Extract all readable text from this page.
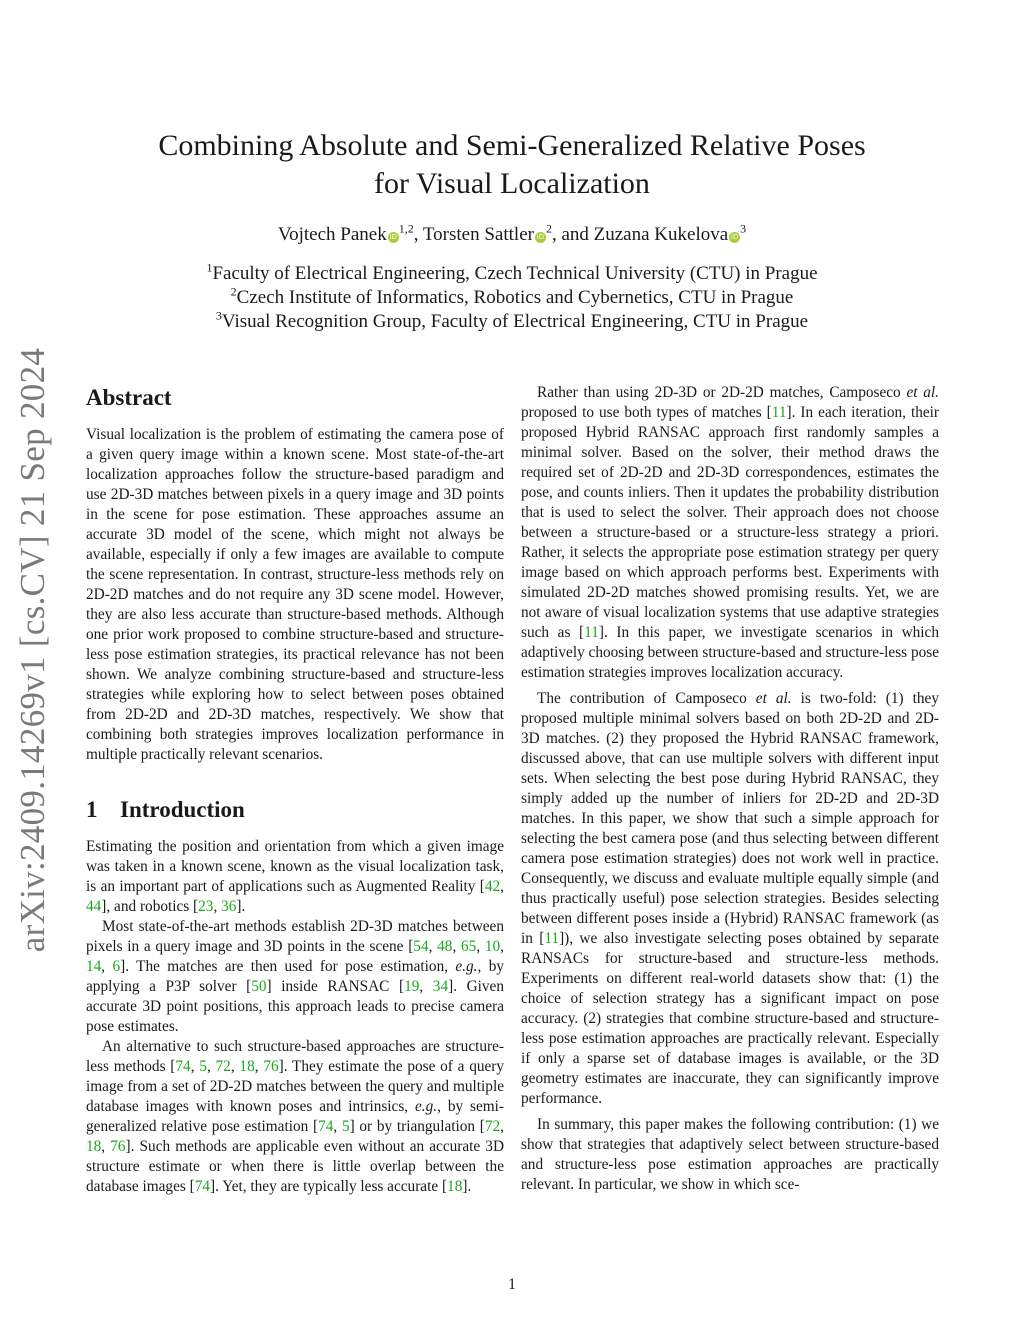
arXiv:2409.14269v1 [cs.CV] 21 Sep 2024
Combining Absolute and Semi-Generalized Relative Poses
for Visual Localization
Vojtech Panek iD$^{1,2}$, Torsten Sattler $iD^2$, and Zuzana Kukelova $iD^3$
$^1$Faculty of Electrical Engineering, Czech Technical University (CTU) in Prague
$^2$Czech Institute of Informatics, Robotics and Cybernetics, CTU in Prague
$^3$Visual Recognition Group, Faculty of Electrical Engineering, CTU in Prague
Abstract

Visual localization is the problem of estimating the camera pose of a given query image within a known scene. Most state-of-the-art localization approaches follow the structure-based paradigm and use 2D-3D matches between pixels in a query image and 3D points in the scene for pose estimation. These approaches assume an accurate 3D model of the scene, which might not always be available, especially if only a few images are available to compute the scene representation. In contrast, structure-less methods rely on 2D-2D matches and do not require any 3D scene model. However, they are also less accurate than structure-based methods. Although one prior work proposed to combine structure-based and structure-less pose estimation strategies, its practical relevance has not been shown. We analyze combining structure-based and structure-less strategies while exploring how to select between poses obtained from 2D-2D and 2D-3D matches, respectively. We show that combining both strategies improves localization performance in multiple practically relevant scenarios.

1 Introduction

Estimating the position and orientation from which a given image was taken in a known scene, known as the visual localization task, is an important part of applications such as Augmented Reality [42, 44], and robotics [23, 36].

Most state-of-the-art methods establish 2D-3D matches between pixels in a query image and 3D points in the scene [54, 48, 65, 10, 14, 6]. The matches are then used for pose estimation, e.g., by applying a P3P solver [50] inside RANSAC [19, 34]. Given accurate 3D point positions, this approach leads to precise camera pose estimates.

An alternative to such structure-based approaches are structure-less methods [74, 5, 72, 18, 76]. They estimate the pose of a query image from a set of 2D-2D matches between the query and multiple database images with known poses and intrinsics, e.g., by semi-generalized relative pose estimation [74, 5] or by triangulation [72, 18, 76]. Such methods are applicable even without an accurate 3D structure estimate or when there is little overlap between the database images [74]. Yet, they are typically less accurate [18].

Rather than using 2D-3D or 2D-2D matches, Camposeco et al. proposed to use both types of matches [11]. In each iteration, their proposed Hybrid RANSAC approach first randomly samples a minimal solver. Based on the solver, their method draws the required set of 2D-2D and 2D-3D correspondences, estimates the pose, and counts inliers. Then it updates the probability distribution that is used to select the solver. Their approach does not choose between a structure-based or a structure-less strategy a priori. Rather, it selects the appropriate pose estimation strategy per query image based on which approach performs best. Experiments with simulated 2D-2D matches showed promising results. Yet, we are not aware of visual localization systems that use adaptive strategies such as [11]. In this paper, we investigate scenarios in which adaptively choosing between structure-based and structure-less pose estimation strategies improves localization accuracy.

The contribution of Camposeco et al. is two-fold: (1) they proposed multiple minimal solvers based on both 2D-2D and 2D-3D matches. (2) they proposed the Hybrid RANSAC framework, discussed above, that can use multiple solvers with different input sets. When selecting the best pose during Hybrid RANSAC, they simply added up the number of inliers for 2D-2D and 2D-3D matches. In this paper, we show that such a simple approach for selecting the best camera pose (and thus selecting between different camera pose estimation strategies) does not work well in practice. Consequently, we discuss and evaluate multiple equally simple (and thus practically useful) pose selection strategies. Besides selecting between different poses inside a (Hybrid) RANSAC framework (as in [11]), we also investigate selecting poses obtained by separate RANSACs for structure-based and structure-less methods. Experiments on different real-world datasets show that: (1) the choice of selection strategy has a significant impact on pose accuracy. (2) strategies that combine structure-based and structure-less pose estimation approaches are practically relevant. Especially if only a sparse set of database images is available, or the 3D geometry estimates are inaccurate, they can significantly improve performance.

In summary, this paper makes the following contribution: (1) we show that strategies that adaptively select between structure-based and structure-less pose estimation approaches are practically relevant. In particular, we show in which sce-

1
